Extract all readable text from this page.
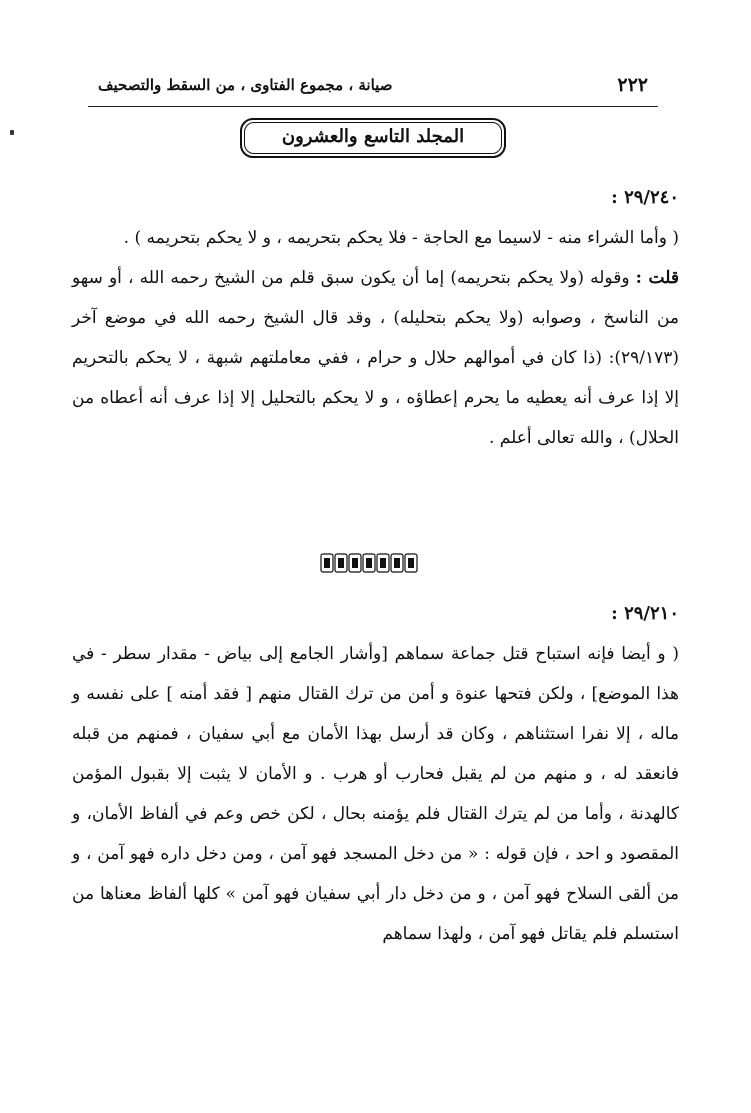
٢٢٢
صيانة ، مجموع الفتاوى ، من السقط والتصحيف
المجلد التاسع والعشرون

٢٩/٢٤٠ :

( وأما الشراء منه - لاسيما مع الحاجة - فلا يحكم بتحريمه ، و لا يحكم بتحريمه ) .

قلت : وقوله (ولا يحكم بتحريمه) إما أن يكون سبق قلم من الشيخ رحمه الله ، أو سهو من الناسخ ، وصوابه (ولا يحكم بتحليله) ، وقد قال الشيخ رحمه الله في موضع آخر (٢٩/١٧٣): (ذا كان في أموالهم حلال و حرام ، ففي معاملتهم شبهة ، لا يحكم بالتحريم إلا إذا عرف أنه يعطيه ما يحرم إعطاؤه ، و لا يحكم بالتحليل إلا إذا عرف أنه أعطاه من الحلال) ، والله تعالى أعلم .

٢٩/٢١٠ :

( و أيضا فإنه استباح قتل جماعة سماهم [وأشار الجامع إلى بياض - مقدار سطر - في هذا الموضع] ، ولكن فتحها عنوة و أمن من ترك القتال منهم [ فقد أمنه ] على نفسه و ماله ، إلا نفرا استثناهم ، وكان قد أرسل بهذا الأمان مع أبي سفيان ، فمنهم من قبله فانعقد له ، و منهم من لم يقبل فحارب أو هرب . و الأمان لا يثبت إلا بقبول المؤمن كالهدنة ، وأما من لم يترك القتال فلم يؤمنه بحال ، لكن خص وعم في ألفاظ الأمان، و المقصود و احد ، فإن قوله : « من دخل المسجد فهو آمن ، ومن دخل داره فهو آمن ، و من ألقى السلاح فهو آمن ، و من دخل دار أبي سفيان فهو آمن » كلها ألفاظ معناها من استسلم فلم يقاتل فهو آمن ، ولهذا سماهم
